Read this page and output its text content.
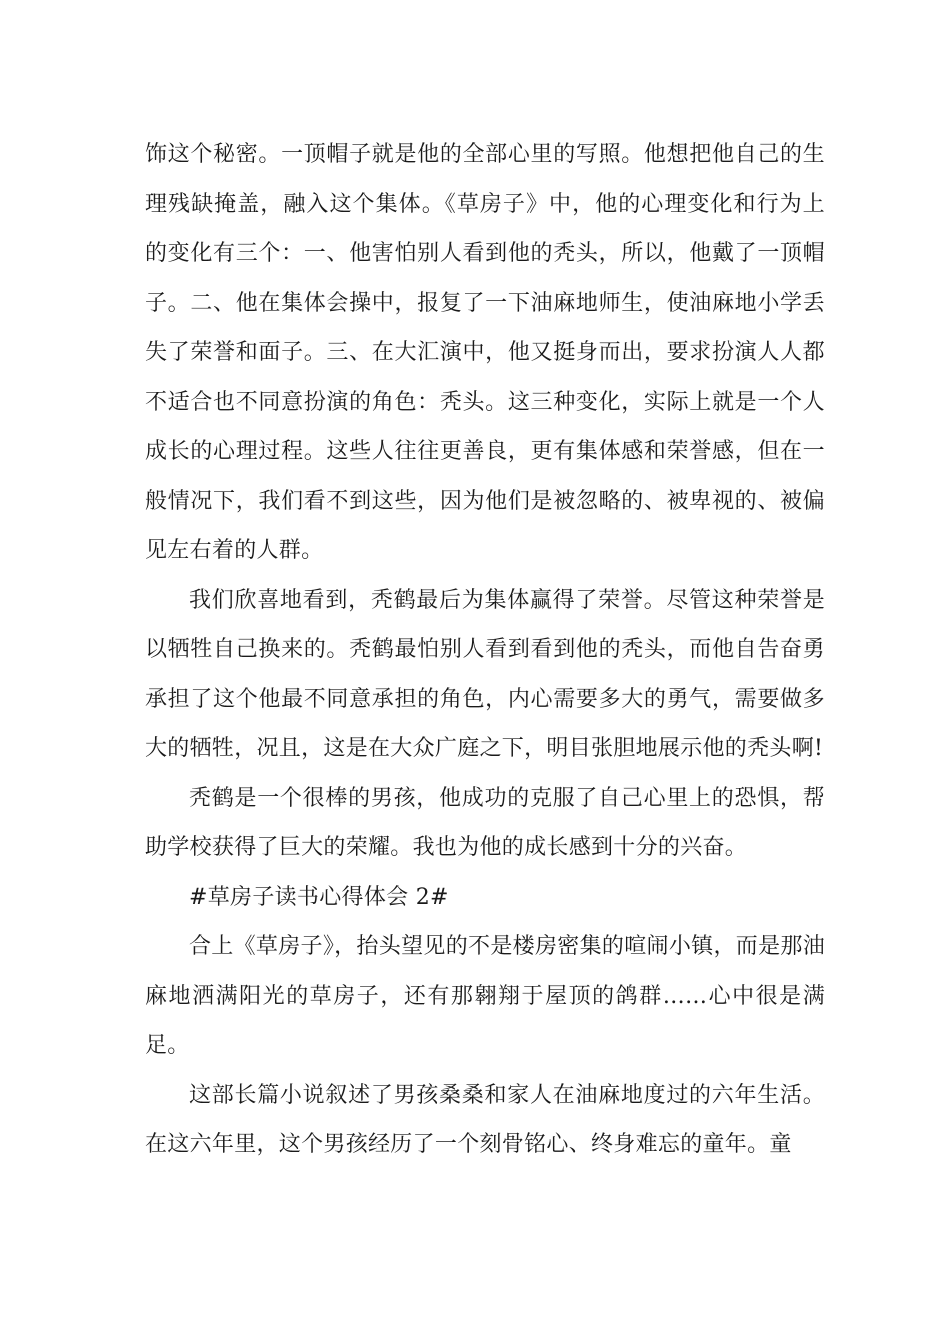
饰这个秘密。一顶帽子就是他的全部心里的写照。他想把他自己的生理残缺掩盖，融入这个集体。《草房子》中，他的心理变化和行为上的变化有三个：一、他害怕别人看到他的秃头，所以，他戴了一顶帽子。二、他在集体会操中，报复了一下油麻地师生，使油麻地小学丢失了荣誉和面子。三、在大汇演中，他又挺身而出，要求扮演人人都不适合也不同意扮演的角色：秃头。这三种变化，实际上就是一个人成长的心理过程。这些人往往更善良，更有集体感和荣誉感，但在一般情况下，我们看不到这些，因为他们是被忽略的、被卑视的、被偏见左右着的人群。

我们欣喜地看到，秃鹤最后为集体赢得了荣誉。尽管这种荣誉是以牺牲自己换来的。秃鹤最怕别人看到看到他的秃头，而他自告奋勇承担了这个他最不同意承担的角色，内心需要多大的勇气，需要做多大的牺牲，况且，这是在大众广庭之下，明目张胆地展示他的秃头啊!

秃鹤是一个很棒的男孩，他成功的克服了自己心里上的恐惧，帮助学校获得了巨大的荣耀。我也为他的成长感到十分的兴奋。

#草房子读书心得体会 2#

合上《草房子》，抬头望见的不是楼房密集的喧闹小镇，而是那油麻地洒满阳光的草房子，还有那翱翔于屋顶的鸽群……心中很是满足。

这部长篇小说叙述了男孩桑桑和家人在油麻地度过的六年生活。在这六年里，这个男孩经历了一个刻骨铭心、终身难忘的童年。童
